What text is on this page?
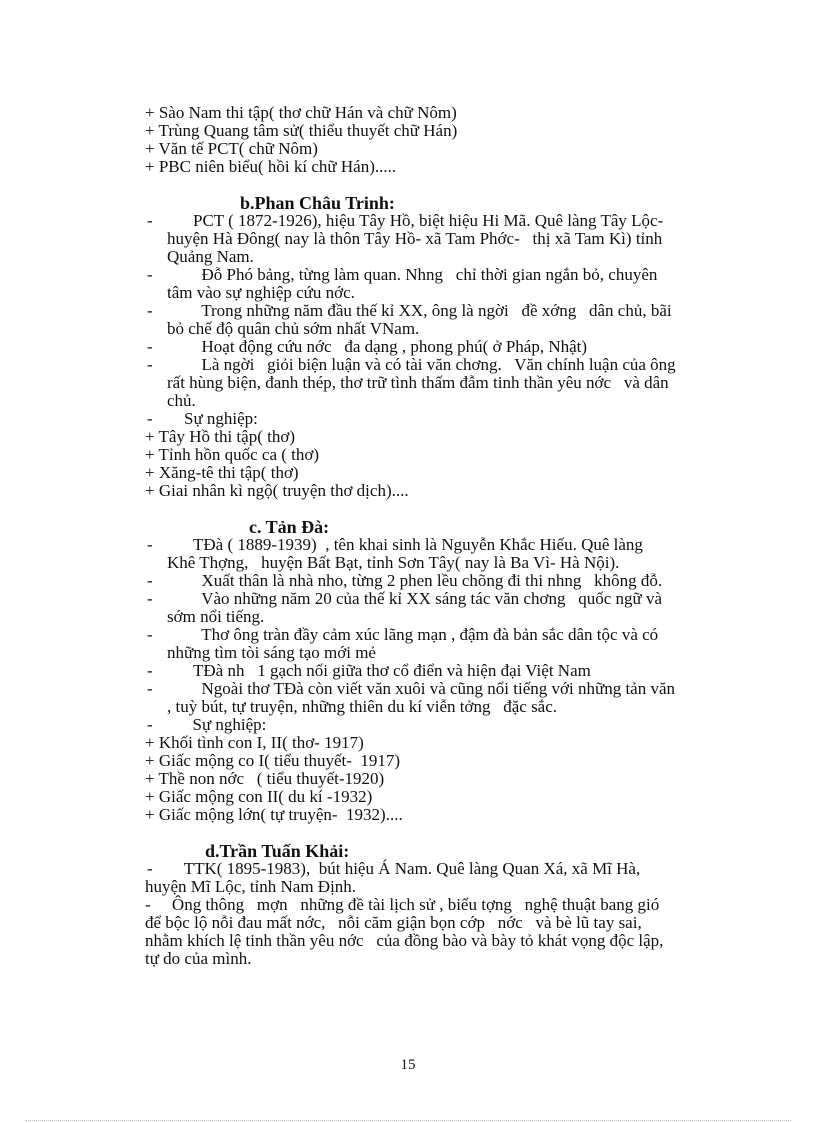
+ Sào Nam thi tập( thơ chữ Hán và chữ Nôm)
+ Trùng Quang tâm sử( thiểu thuyết chữ Hán)
+ Văn tế PCT( chữ Nôm)
+ PBC niên biểu( hồi kí chữ Hán).....
b.Phan Châu Trinh:
- PCT ( 1872-1926), hiệu Tây Hồ, biệt hiệu Hi Mã. Quê làng Tây Lộc-
huyện Hà Đông( nay là thôn Tây Hồ- xã Tam Phớc-   thị xã Tam Kì) tỉnh
Quảng Nam.
- Đỗ Phó bảng, từng làm quan. Nhng   chỉ thời gian ngắn bỏ, chuyên
tâm vào sự nghiệp cứu nớc.
- Trong những năm đầu thế kỉ XX, ông là ngời   đề xớng   dân chủ, bãi
bỏ chế độ quân chủ sớm nhất VNam.
- Hoạt động cứu nớc   đa dạng , phong phú( ở Pháp, Nhật)
- Là ngời   giỏi biện luận và có tài văn chơng.   Văn chính luận của ông
rất hùng biện, đanh thép, thơ trữ tình thấm đẫm tinh thần yêu nớc   và dân
chủ.
- Sự nghiệp:
+ Tây Hồ thi tập( thơ)
+ Tỉnh hồn quốc ca ( thơ)
+ Xăng-tê thi tập( thơ)
+ Giai nhân kì ngộ( truyện thơ dịch)....
c. Tản Đà:
- TĐà ( 1889-1939)  , tên khai sinh là Nguyễn Khắc Hiếu. Quê làng
Khê Thợng,   huyện Bất Bạt, tỉnh Sơn Tây( nay là Ba Vì- Hà Nội).
- Xuất thân là nhà nho, từng 2 phen lều chõng đi thi nhng   không đỗ.
- Vào những năm 20 của thế kỉ XX sáng tác văn chơng   quốc ngữ và
sớm nổi tiếng.
- Thơ ông tràn đầy cảm xúc lãng mạn , đậm đà bản sắc dân tộc và có
những tìm tòi sáng tạo mới mẻ
- TĐà nh   1 gạch nối giữa thơ cổ điển và hiện đại Việt Nam
- Ngoài thơ TĐà còn viết văn xuôi và cũng nổi tiếng với những tản văn
, tuỳ bút, tự truyện, những thiên du kí viễn tởng   đặc sắc.
- Sự nghiệp:
+ Khối tình con I, II( thơ- 1917)
+ Giấc mộng co I( tiểu thuyết-  1917)
+ Thề non nớc   ( tiểu thuyết-1920)
+ Giấc mộng con II( du kí -1932)
+ Giấc mộng lớn( tự truyện-  1932)....
d.Trần Tuấn Khải:
- TTK( 1895-1983),  bút hiệu Á Nam. Quê làng Quan Xá, xã Mĩ Hà,
huyện Mĩ Lộc, tỉnh Nam Định.
-     Ông thông   mợn   những đề tài lịch sử , biểu tợng   nghệ thuật bang gió
để bộc lộ nỗi đau mất nớc,   nỗi căm giận bọn cớp   nớc   và bè lũ tay sai,
nhằm khích lệ tinh thần yêu nớc   của đồng bào và bày tỏ khát vọng độc lập,
tự do của mình.
15
